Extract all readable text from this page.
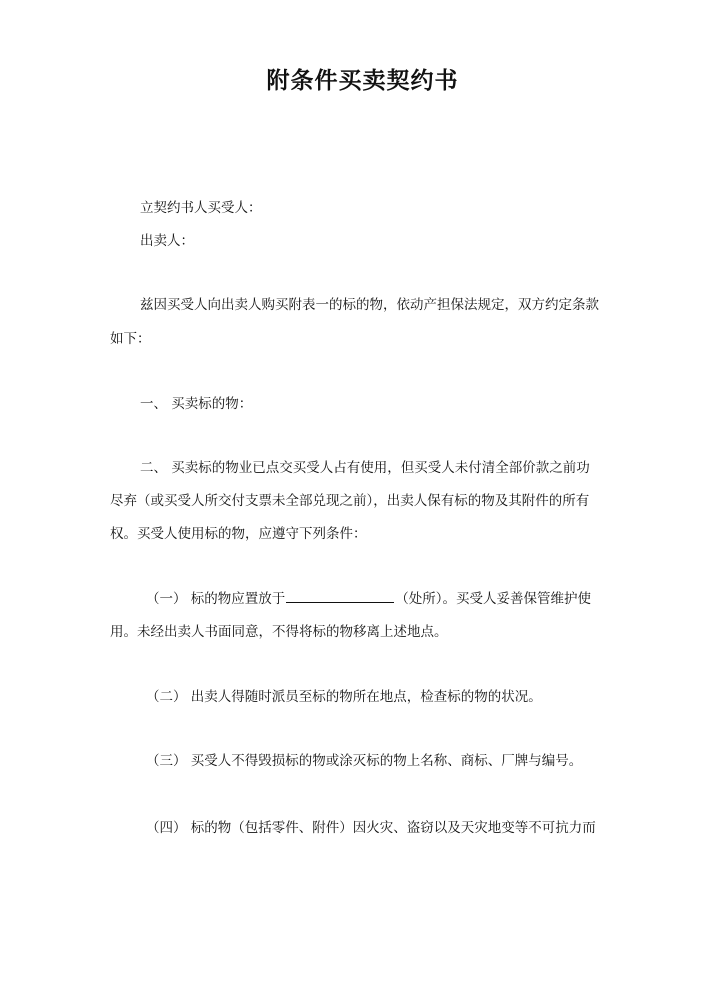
附条件买卖契约书

立契约书人买受人：

出卖人：

兹因买受人向出卖人购买附表一的标的物，依动产担保法规定，双方约定条款

如下：

一、 买卖标的物：

二、 买卖标的物业已点交买受人占有使用，但买受人未付清全部价款之前功

尽弃（或买受人所交付支票未全部兑现之前），出卖人保有标的物及其附件的所有

权。买受人使用标的物，应遵守下列条件：

（一） 标的物应置放于	（处所）。买受人妥善保管维护使

用。未经出卖人书面同意，不得将标的物移离上述地点。

（二） 出卖人得随时派员至标的物所在地点，检查标的物的状况。

（三） 买受人不得毁损标的物或涂灭标的物上名称、商标、厂牌与编号。

（四） 标的物（包括零件、附件）因火灾、盗窃以及天灾地变等不可抗力而
